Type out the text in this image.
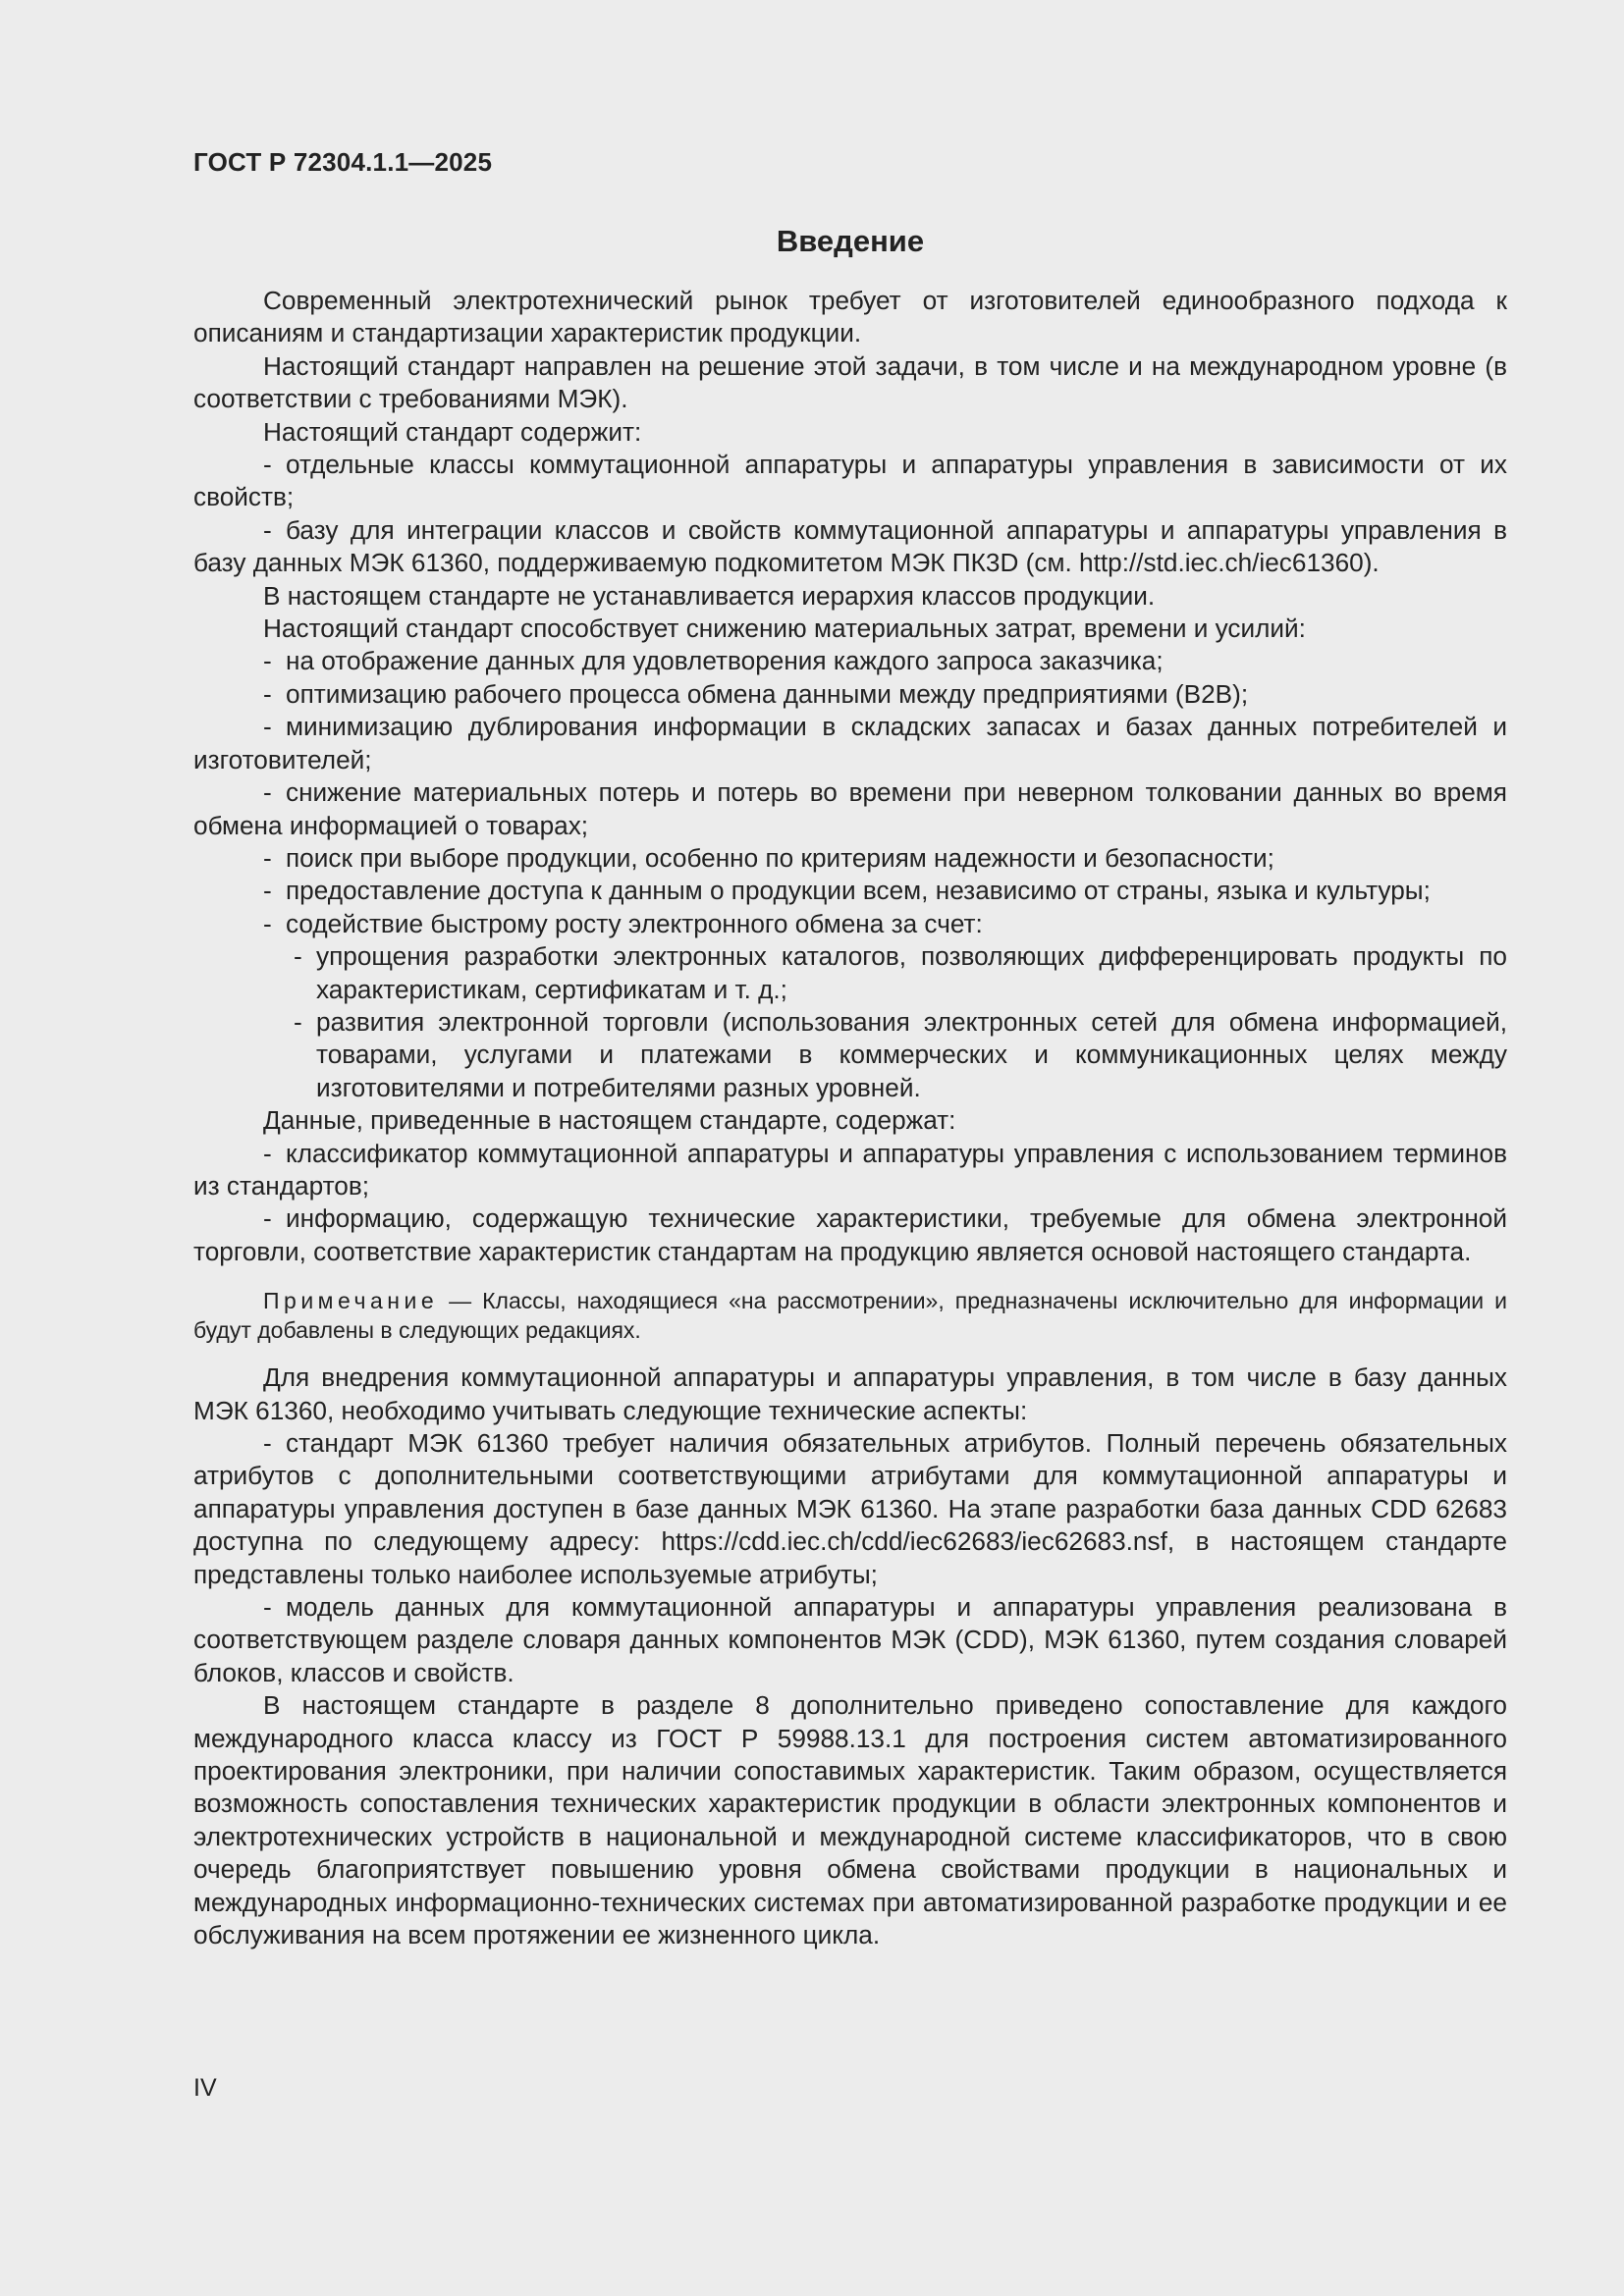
ГОСТ Р 72304.1.1—2025
Введение

Современный электротехнический рынок требует от изготовителей единообразного подхода к описаниям и стандартизации характеристик продукции.

Настоящий стандарт направлен на решение этой задачи, в том числе и на международном уровне (в соответствии с требованиями МЭК).

Настоящий стандарт содержит:

- отдельные классы коммутационной аппаратуры и аппаратуры управления в зависимости от их свойств;

- базу для интеграции классов и свойств коммутационной аппаратуры и аппаратуры управления в базу данных МЭК 61360, поддерживаемую подкомитетом МЭК ПК3D (см. http://std.iec.ch/iec61360).

В настоящем стандарте не устанавливается иерархия классов продукции.

Настоящий стандарт способствует снижению материальных затрат, времени и усилий:

- на отображение данных для удовлетворения каждого запроса заказчика;

- оптимизацию рабочего процесса обмена данными между предприятиями (B2B);

- минимизацию дублирования информации в складских запасах и базах данных потребителей и изготовителей;

- снижение материальных потерь и потерь во времени при неверном толковании данных во время обмена информацией о товарах;

- поиск при выборе продукции, особенно по критериям надежности и безопасности;

- предоставление доступа к данным о продукции всем, независимо от страны, языка и культуры;

- содействие быстрому росту электронного обмена за счет:

- упрощения разработки электронных каталогов, позволяющих дифференцировать продукты по характеристикам, сертификатам и т. д.;

- развития электронной торговли (использования электронных сетей для обмена информацией, товарами, услугами и платежами в коммерческих и коммуникационных целях между изготовителями и потребителями разных уровней.

Данные, приведенные в настоящем стандарте, содержат:

- классификатор коммутационной аппаратуры и аппаратуры управления с использованием терминов из стандартов;

- информацию, содержащую технические характеристики, требуемые для обмена электронной торговли, соответствие характеристик стандартам на продукцию является основой настоящего стандарта.

Примечание — Классы, находящиеся «на рассмотрении», предназначены исключительно для информации и будут добавлены в следующих редакциях.

Для внедрения коммутационной аппаратуры и аппаратуры управления, в том числе в базу данных МЭК 61360, необходимо учитывать следующие технические аспекты:

- стандарт МЭК 61360 требует наличия обязательных атрибутов. Полный перечень обязательных атрибутов с дополнительными соответствующими атрибутами для коммутационной аппаратуры и аппаратуры управления доступен в базе данных МЭК 61360. На этапе разработки база данных CDD 62683 доступна по следующему адресу: https://cdd.iec.ch/cdd/iec62683/iec62683.nsf, в настоящем стандарте представлены только наиболее используемые атрибуты;

- модель данных для коммутационной аппаратуры и аппаратуры управления реализована в соответствующем разделе словаря данных компонентов МЭК (CDD), МЭК 61360, путем создания словарей блоков, классов и свойств.

В настоящем стандарте в разделе 8 дополнительно приведено сопоставление для каждого международного класса классу из ГОСТ Р 59988.13.1 для построения систем автоматизированного проектирования электроники, при наличии сопоставимых характеристик. Таким образом, осуществляется возможность сопоставления технических характеристик продукции в области электронных компонентов и электротехнических устройств в национальной и международной системе классификаторов, что в свою очередь благоприятствует повышению уровня обмена свойствами продукции в национальных и международных информационно-технических системах при автоматизированной разработке продукции и ее обслуживания на всем протяжении ее жизненного цикла.

IV
